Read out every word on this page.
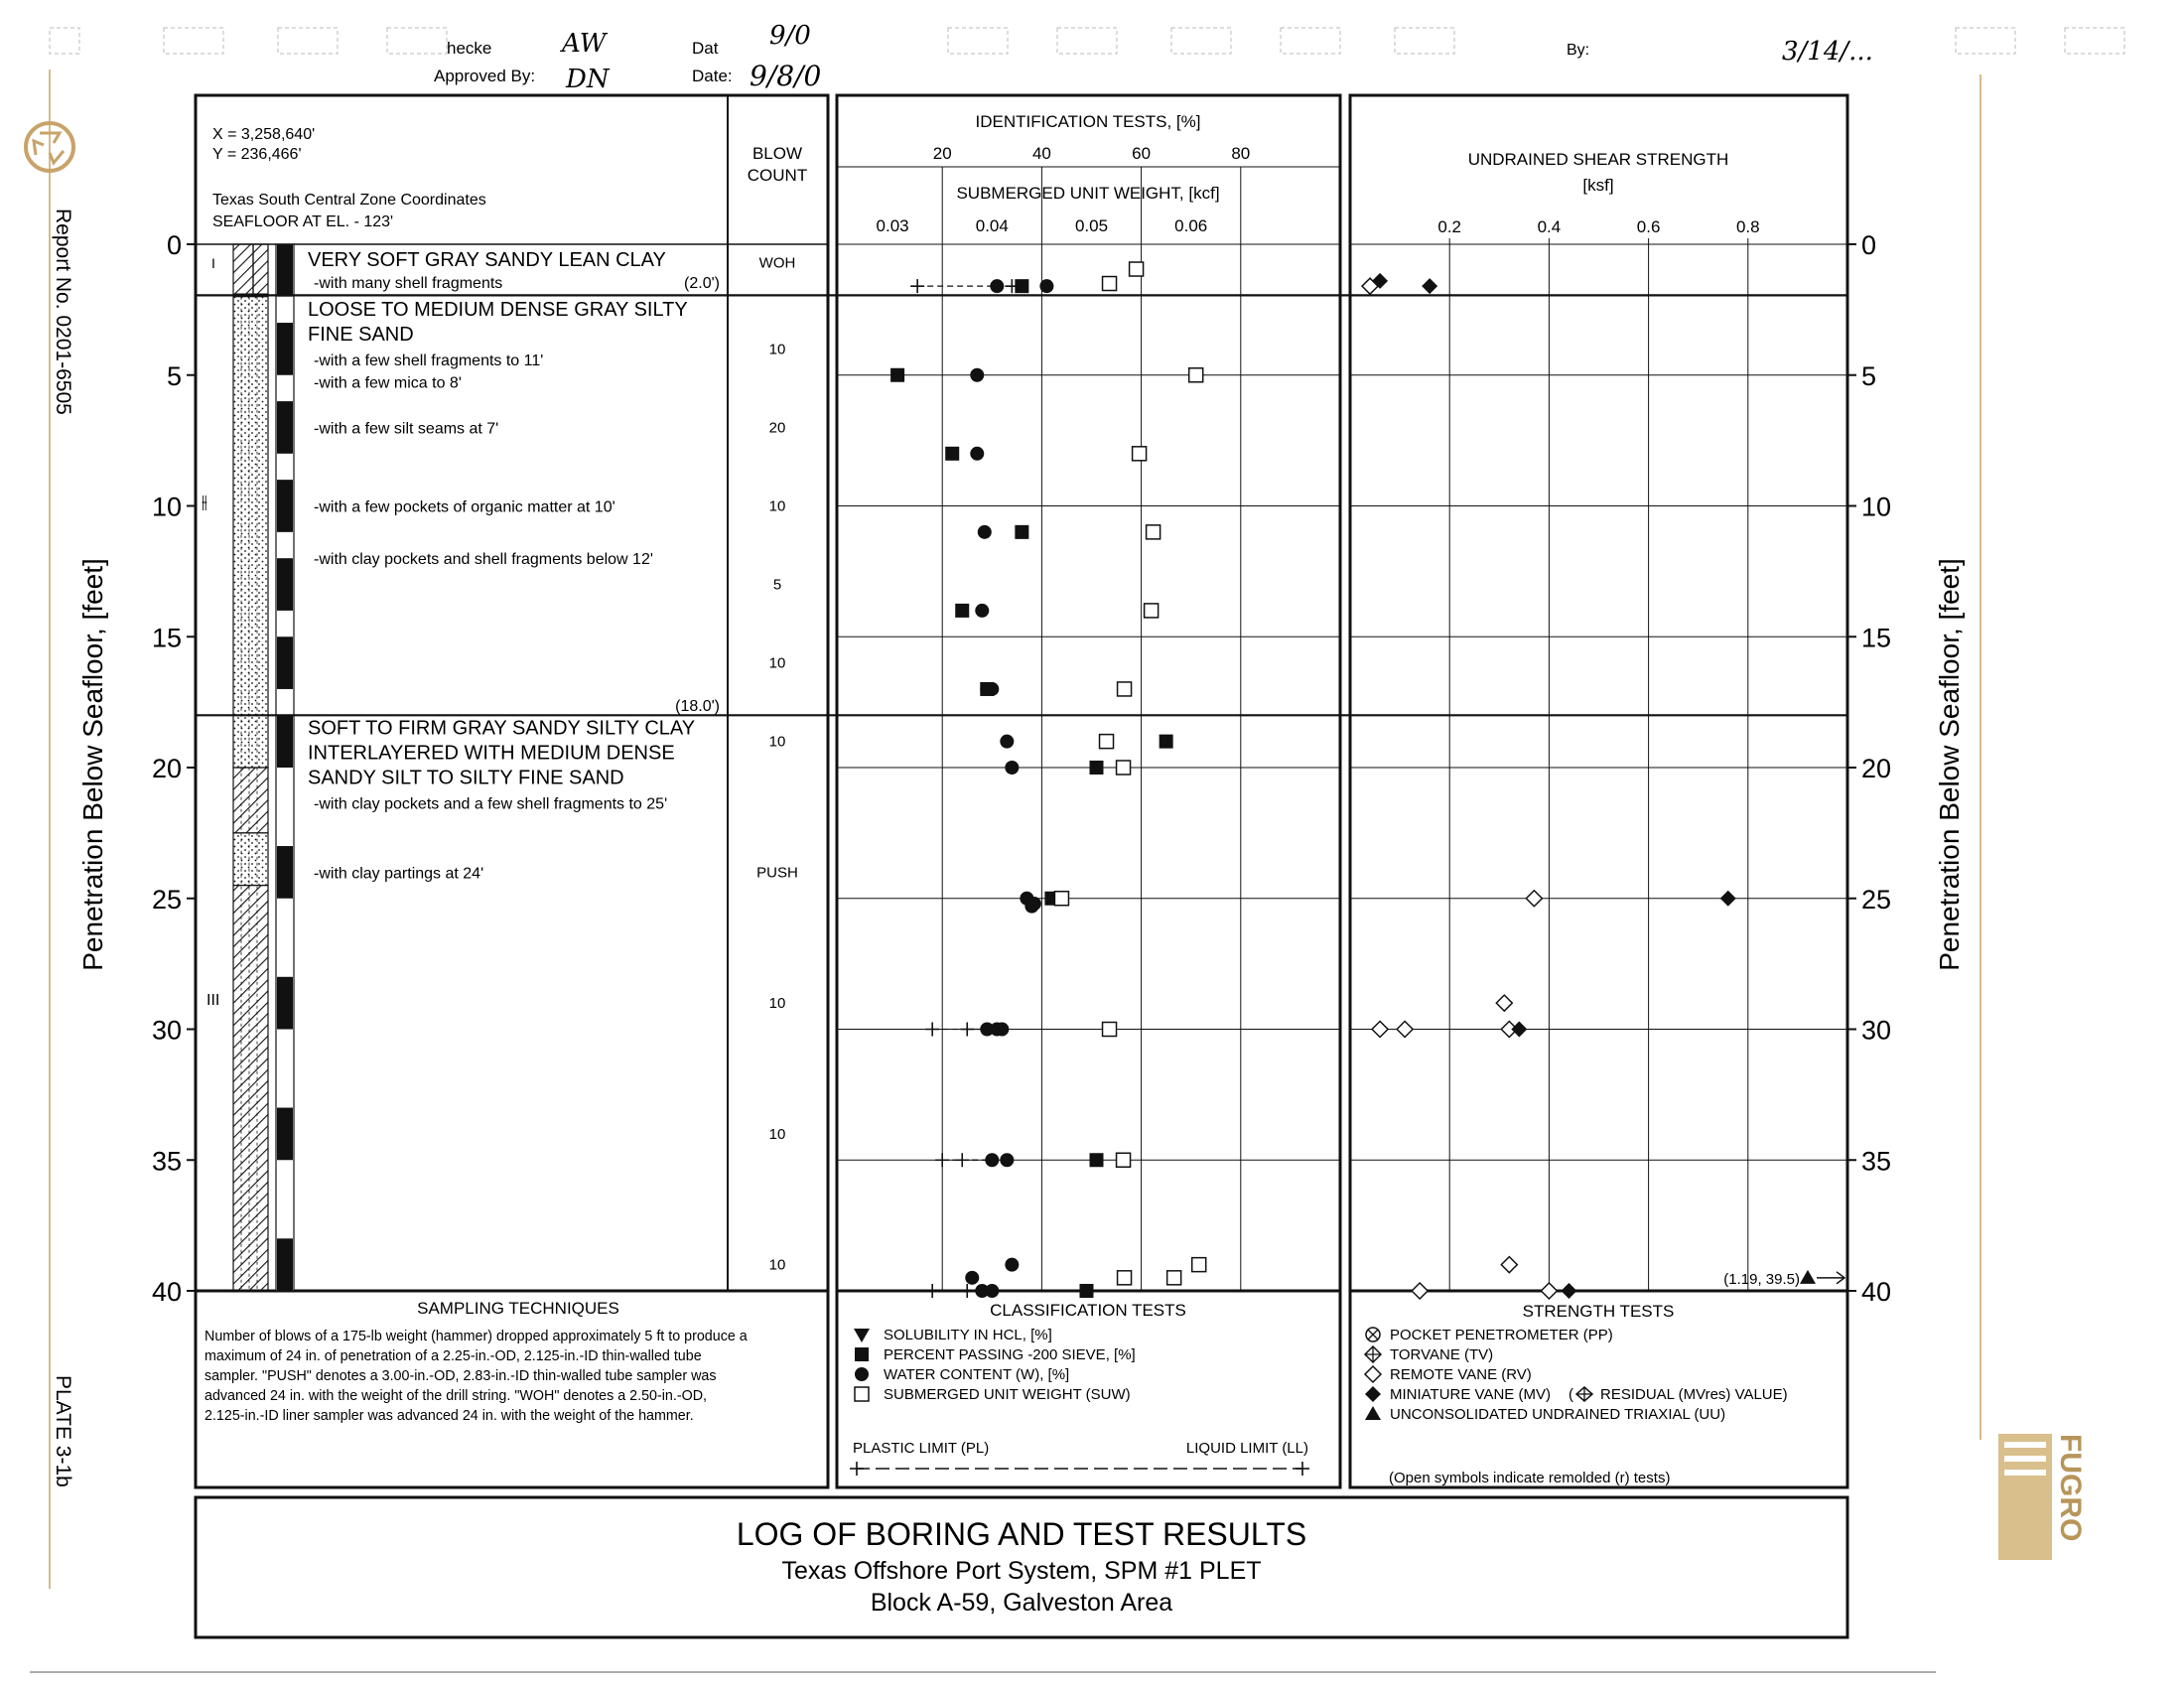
hecke	AW
Approved By: DN
Dat 9/0
Date: 9/8/0
By:	3/14/...
Report No. 0201-6505
PLATE 3-1b
Penetration Below Seafloor, [feet]	Penetration Below Seafloor, [feet]
0
5
10
15
20
25
30
35
40
0
5
10
15
20
25
30
35
40
X = 3,258,640'
Y = 236,466'
Texas South Central Zone Coordinates
SEAFLOOR AT EL. - 123'
BLOW
COUNT
(2.0')
(18.0')
VERY SOFT GRAY SANDY LEAN CLAY
-with many shell fragments
LOOSE TO MEDIUM DENSE GRAY SILTY
FINE SAND
-with a few shell fragments to 11'
-with a few mica to 8'
-with a few silt seams at 7'
-with a few pockets of organic matter at 10'
-with clay pockets and shell fragments below 12'
SOFT TO FIRM GRAY SANDY SILTY CLAY
INTERLAYERED WITH MEDIUM DENSE
SANDY SILT TO SILTY FINE SAND
-with clay pockets and a few shell fragments to 25'
-with clay partings at 24'
WOH
10
20
10
5
10
10
PUSH
10
10
10
I
III
⫲
SAMPLING TECHNIQUES
Number of blows of a 175-lb weight (hammer) dropped approximately 5 ft to produce a
maximum of 24 in. of penetration of a 2.25-in.-OD, 2.125-in.-ID thin-walled tube
sampler. "PUSH" denotes a 3.00-in.-OD, 2.83-in.-ID thin-walled tube sampler was
advanced 24 in. with the weight of the drill string. "WOH" denotes a 2.50-in.-OD,
2.125-in.-ID liner sampler was advanced 24 in. with the weight of the hammer.
IDENTIFICATION TESTS, [%]
SUBMERGED UNIT WEIGHT, [kcf]
20	40	60	80
0.03	0.04	0.05	0.06
CLASSIFICATION TESTS
SOLUBILITY IN HCL, [%]
PERCENT PASSING -200 SIEVE, [%]
WATER CONTENT (W), [%]
SUBMERGED UNIT WEIGHT (SUW)
PLASTIC LIMIT (PL)	LIQUID LIMIT (LL)
UNDRAINED SHEAR STRENGTH
[ksf]
0.2	0.4	0.6	0.8
(1.19, 39.5)
STRENGTH TESTS
POCKET PENETROMETER (PP)
TORVANE (TV)
REMOTE VANE (RV)
MINIATURE VANE (MV)
UNCONSOLIDATED UNDRAINED TRIAXIAL (UU)
RESIDUAL (MVres) VALUE)
(
(Open symbols indicate remolded (r) tests)
LOG OF BORING AND TEST RESULTS
Texas Offshore Port System, SPM #1 PLET
Block A-59, Galveston Area
FUGRO
